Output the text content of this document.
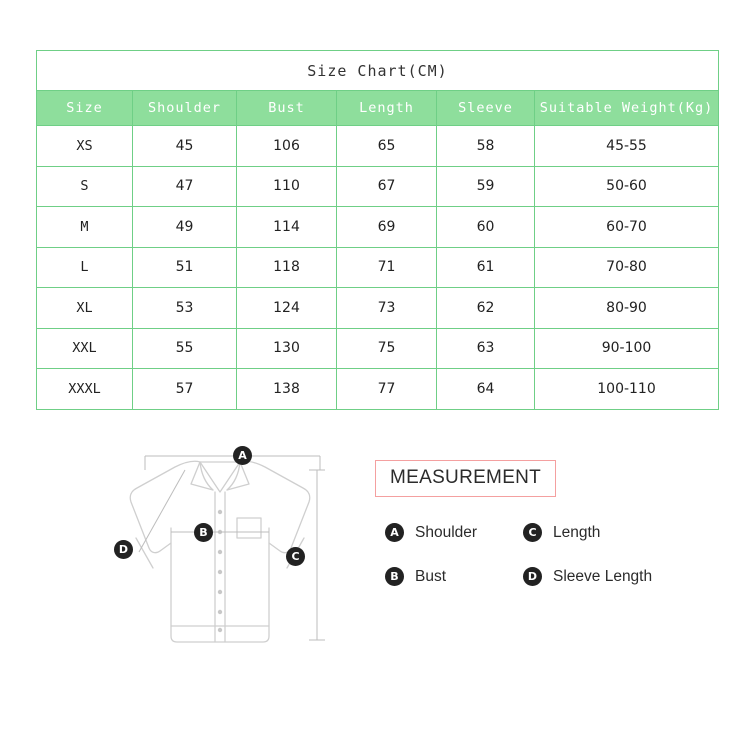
Size Chart(CM)					
Size	Shoulder	Bust	Length	Sleeve	Suitable Weight(Kg)
XS	45	106	65	58	45-55
S	47	110	67	59	50-60
M	49	114	69	60	60-70
L	51	118	71	61	70-80
XL	53	124	73	62	80-90
XXL	55	130	75	63	90-100
XXXL	57	138	77	64	100-110
A
B
C
D
MEASUREMENT
A	Shoulder
B	Bust
C	Length
D	Sleeve Length
